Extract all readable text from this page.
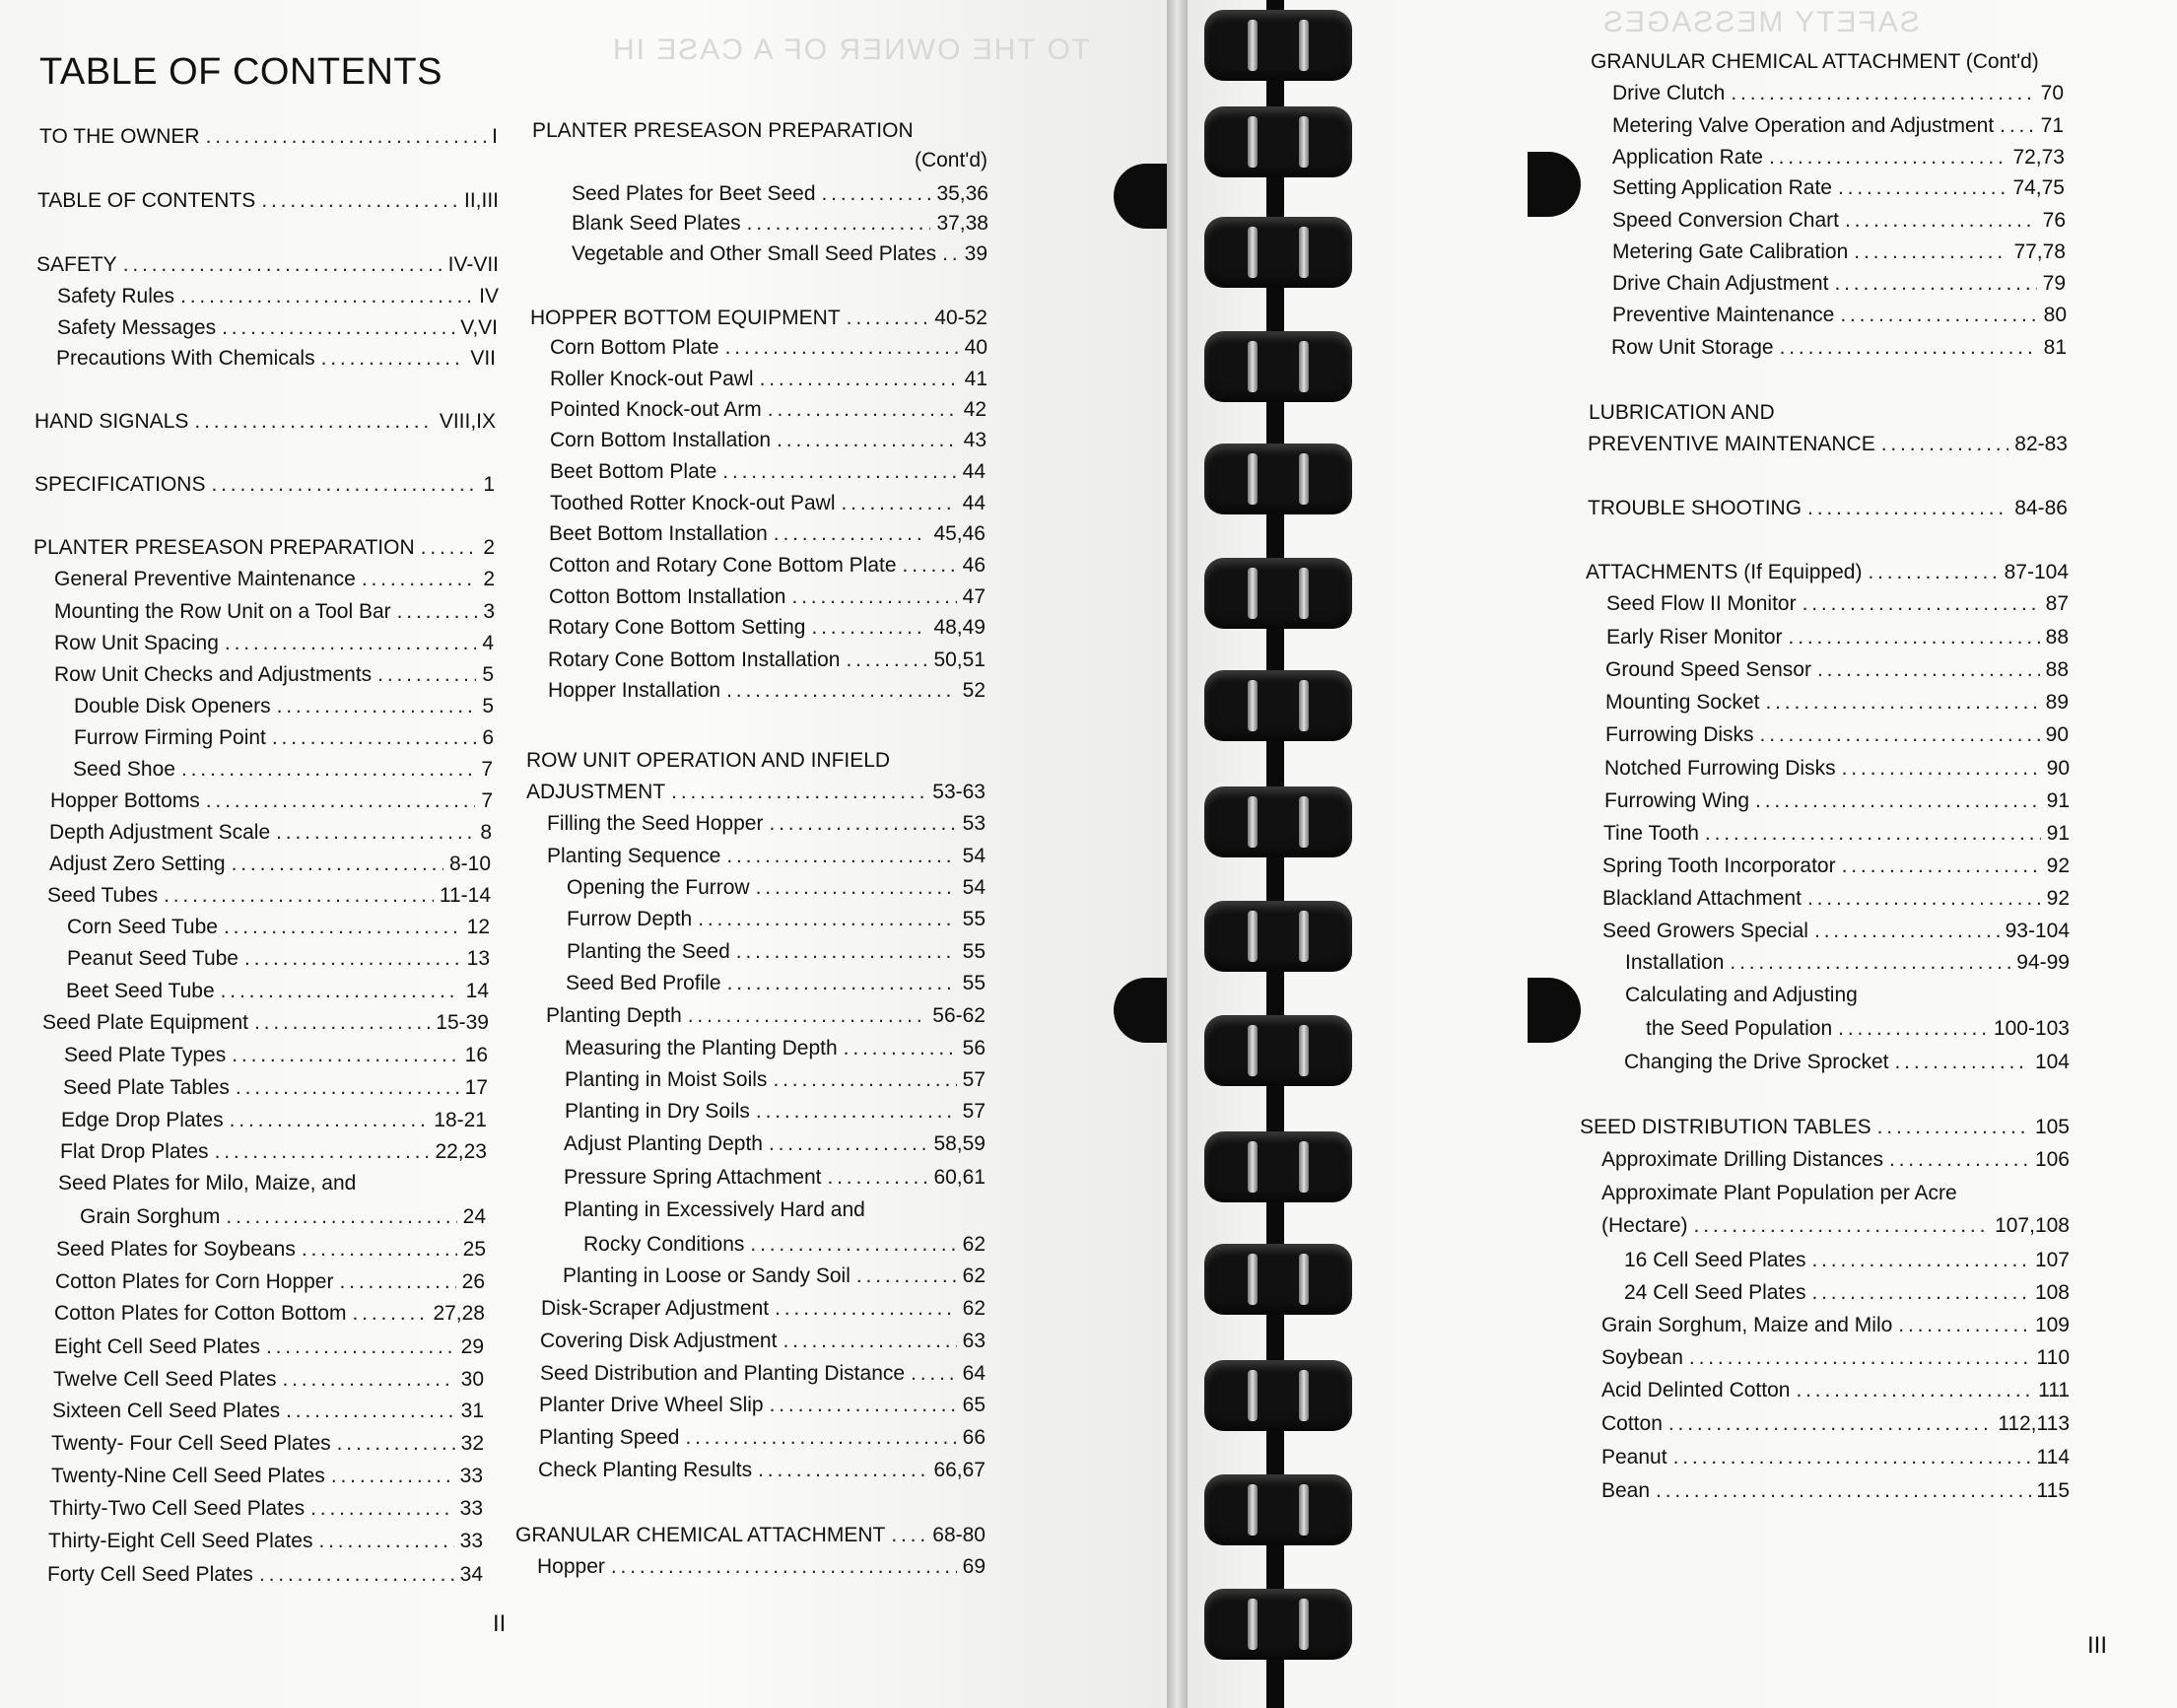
TO THE OWNER OF A CASE IH
TABLE OF CONTENTS
TO THE OWNER . . .	I
TABLE OF CONTENTS . . .	II,III
SAFETY . . .	IV-VII
Safety Rules . . .	IV
Safety Messages . . .	V,VI
Precautions With Chemicals . . .	VII
HAND SIGNALS . . .	VIII,IX
SPECIFICATIONS . . .	1
PLANTER PRESEASON PREPARATION . . .	2
General Preventive Maintenance . . .	2
Mounting the Row Unit on a Tool Bar . . .	3
Row Unit Spacing . . .	4
Row Unit Checks and Adjustments . . .	5
Double Disk Openers . . .	5
Furrow Firming Point . . .	6
Seed Shoe . . .	7
Hopper Bottoms . . .	7
Depth Adjustment Scale . . .	8
Adjust Zero Setting . . .	8-10
Seed Tubes . . .	11-14
Corn Seed Tube . . .	12
Peanut Seed Tube . . .	13
Beet Seed Tube . . .	14
Seed Plate Equipment . . .	15-39
Seed Plate Types . . .	16
Seed Plate Tables . . .	17
Edge Drop Plates . . .	18-21
Flat Drop Plates . . .	22,23
Seed Plates for Milo, Maize, and
Grain Sorghum . . .	24
Seed Plates for Soybeans . . .	25
Cotton Plates for Corn Hopper . . .	26
Cotton Plates for Cotton Bottom . . .	27,28
Eight Cell Seed Plates . . .	29
Twelve Cell Seed Plates . . .	30
Sixteen Cell Seed Plates . . .	31
Twenty- Four Cell Seed Plates . . .	32
Twenty-Nine Cell Seed Plates . . .	33
Thirty-Two Cell Seed Plates . . .	33
Thirty-Eight Cell Seed Plates . . .	33
Forty Cell Seed Plates . . .	34
PLANTER PRESEASON PREPARATION
(Cont'd)
Seed Plates for Beet Seed . . .	35,36
Blank Seed Plates . . .	37,38
Vegetable and Other Small Seed Plates . . . 39
HOPPER BOTTOM EQUIPMENT . . .	40-52
Corn Bottom Plate . . .	40
Roller Knock-out Pawl . . .	41
Pointed Knock-out Arm . . .	42
Corn Bottom Installation . . .	43
Beet Bottom Plate . . .	44
Toothed Rotter Knock-out Pawl . . .	44
Beet Bottom Installation . . .	45,46
Cotton and Rotary Cone Bottom Plate . . .	46
Cotton Bottom Installation . . .	47
Rotary Cone Bottom Setting . . .	48,49
Rotary Cone Bottom Installation . . .	50,51
Hopper Installation . . .	52
ROW UNIT OPERATION AND INFIELD
ADJUSTMENT . . .	53-63
Filling the Seed Hopper . . .	53
Planting Sequence . . .	54
Opening the Furrow . . .	54
Furrow Depth . . .	55
Planting the Seed . . .	55
Seed Bed Profile . . .	55
Planting Depth . . .	56-62
Measuring the Planting Depth . . .	56
Planting in Moist Soils . . .	57
Planting in Dry Soils . . .	57
Adjust Planting Depth . . .	58,59
Pressure Spring Attachment . . .	60,61
Planting in Excessively Hard and
Rocky Conditions . . .	62
Planting in Loose or Sandy Soil . . .	62
Disk-Scraper Adjustment . . .	62
Covering Disk Adjustment . . .	63
Seed Distribution and Planting Distance . . .	64
Planter Drive Wheel Slip . . .	65
Planting Speed . . .	66
Check Planting Results . . .	66,67
GRANULAR CHEMICAL ATTACHMENT . . . 68-80
Hopper . . .	69
II
SAFETY MESSAGES
GRANULAR CHEMICAL ATTACHMENT (Cont'd)
Drive Clutch . . .	70
Metering Valve Operation and Adjustment . . . 71
Application Rate . . .	72,73
Setting Application Rate . . .	74,75
Speed Conversion Chart . . .	76
Metering Gate Calibration . . .	77,78
Drive Chain Adjustment . . .	79
Preventive Maintenance . . .	80
Row Unit Storage . . .	81
LUBRICATION AND
PREVENTIVE MAINTENANCE . . .	82-83
TROUBLE SHOOTING . . .	84-86
ATTACHMENTS (If Equipped) . . .	87-104
Seed Flow II Monitor . . .	87
Early Riser Monitor . . .	88
Ground Speed Sensor . . .	88
Mounting Socket . . .	89
Furrowing Disks . . .	90
Notched Furrowing Disks . . .	90
Furrowing Wing . . .	91
Tine Tooth . . .	91
Spring Tooth Incorporator . . .	92
Blackland Attachment . . .	92
Seed Growers Special . . .	93-104
Installation . . .	94-99
Calculating and Adjusting
the Seed Population . . .	100-103
Changing the Drive Sprocket . . .	104
SEED DISTRIBUTION TABLES . . .	105
Approximate Drilling Distances . . .	106
Approximate Plant Population per Acre
(Hectare) . . .	107,108
16 Cell Seed Plates . . .	107
24 Cell Seed Plates . . .	108
Grain Sorghum, Maize and Milo . . .	109
Soybean . . .	110
Acid Delinted Cotton . . .	111
Cotton . . .	112,113
Peanut . . .	114
Bean . . .	115
III
